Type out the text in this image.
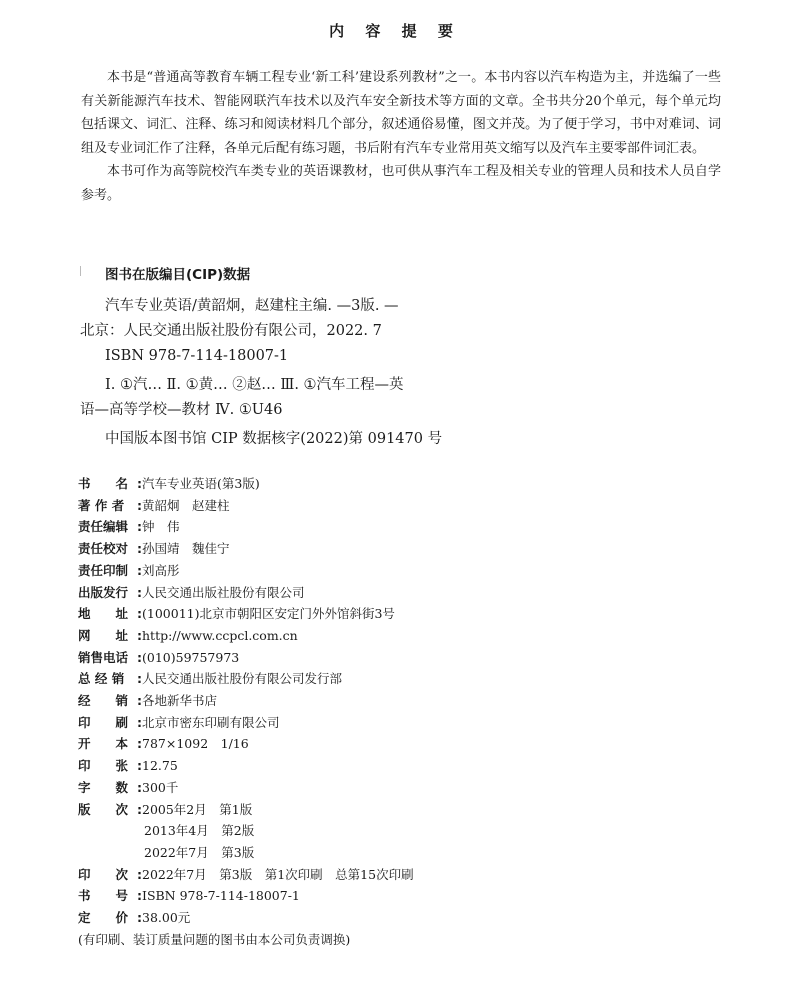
内 容 提 要

本书是“普通高等教育车辆工程专业‘新工科’建设系列教材”之一。本书内容以汽车构造为主，并选编了一些有关新能源汽车技术、智能网联汽车技术以及汽车安全新技术等方面的文章。全书共分20个单元，每个单元均包括课文、词汇、注释、练习和阅读材料几个部分，叙述通俗易懂，图文并茂。为了便于学习，书中对难词、词组及专业词汇作了注释，各单元后配有练习题，书后附有汽车专业常用英文缩写以及汽车主要零部件词汇表。

本书可作为高等院校汽车类专业的英语课教材，也可供从事汽车工程及相关专业的管理人员和技术人员自学参考。

图书在版编目(CIP)数据
汽车专业英语/黄韶炯，赵建柱主编. —3版. —
北京：人民交通出版社股份有限公司，2022. 7
ISBN 978-7-114-18007-1
Ⅰ. ①汽… Ⅱ. ①黄… ②赵… Ⅲ. ①汽车工程—英
语—高等学校—教材 Ⅳ. ①U46
中国版本图书馆 CIP 数据核字(2022)第 091470 号
书　　名 : 汽车专业英语(第3版)
著 作 者 : 黄韶炯　赵建柱
责任编辑 : 钟　伟
责任校对 : 孙国靖　魏佳宁
责任印制 : 刘高彤
出版发行 : 人民交通出版社股份有限公司
地　　址 : (100011)北京市朝阳区安定门外外馆斜街3号
网　　址 : http://www.ccpcl.com.cn
销售电话 : (010)59757973
总 经 销 : 人民交通出版社股份有限公司发行部
经　　销 : 各地新华书店
印　　刷 : 北京市密东印刷有限公司
开　　本 : 787×1092　1/16
印　　张 : 12.75
字　　数 : 300千
版　　次 : 2005年2月　第1版
2013年4月　第2版
2022年7月　第3版
印　　次 : 2022年7月　第3版　第1次印刷　总第15次印刷
书　　号 : ISBN 978-7-114-18007-1
定　　价 : 38.00元
(有印刷、装订质量问题的图书由本公司负责调换)
